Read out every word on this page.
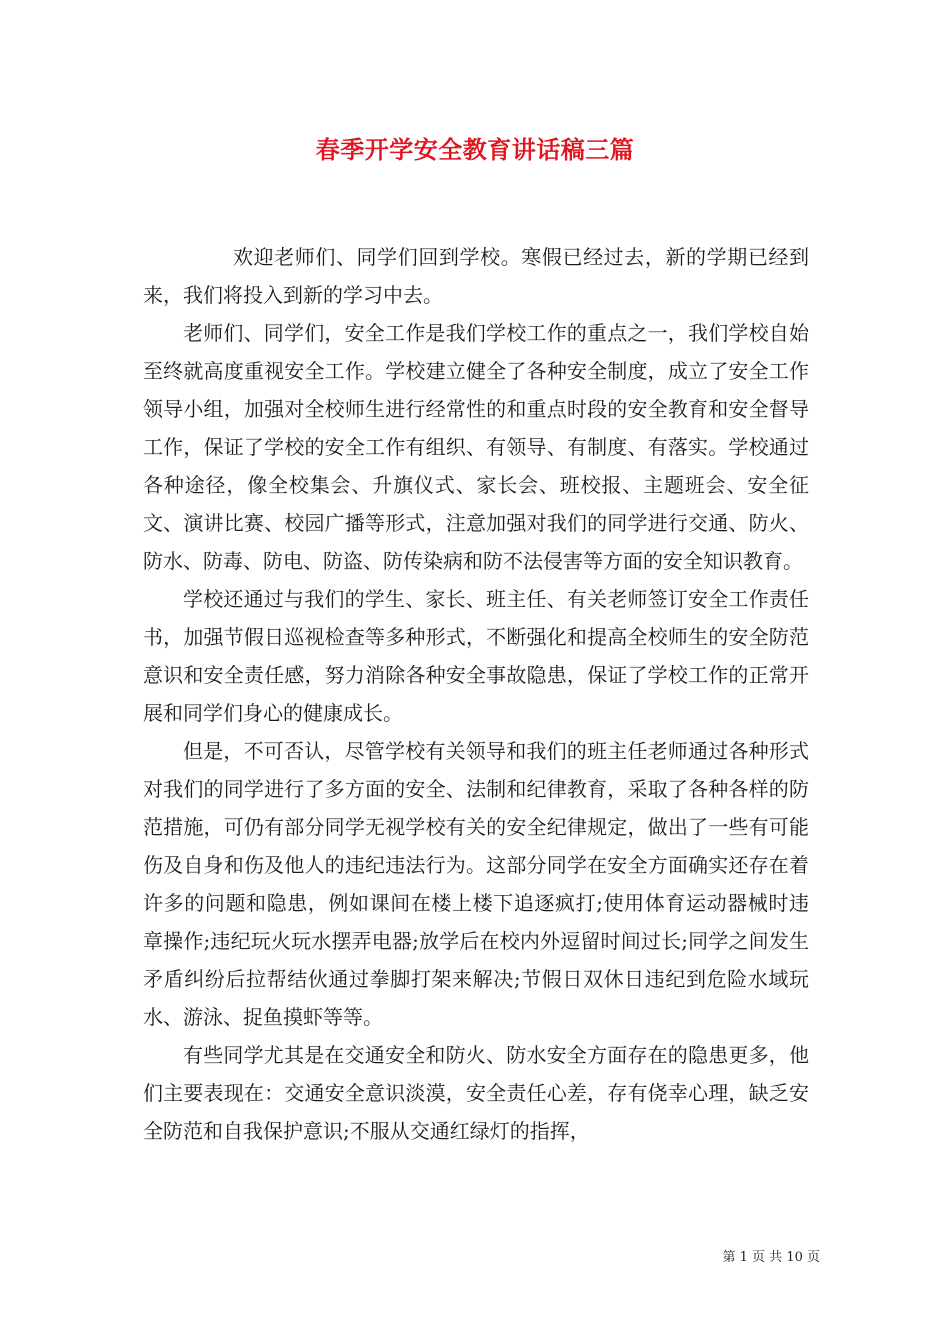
春季开学安全教育讲话稿三篇

欢迎老师们、同学们回到学校。寒假已经过去，新的学期已经到来，我们将投入到新的学习中去。

老师们、同学们，安全工作是我们学校工作的重点之一，我们学校自始至终就高度重视安全工作。学校建立健全了各种安全制度，成立了安全工作领导小组，加强对全校师生进行经常性的和重点时段的安全教育和安全督导工作，保证了学校的安全工作有组织、有领导、有制度、有落实。学校通过各种途径，像全校集会、升旗仪式、家长会、班校报、主题班会、安全征文、演讲比赛、校园广播等形式，注意加强对我们的同学进行交通、防火、防水、防毒、防电、防盗、防传染病和防不法侵害等方面的安全知识教育。

学校还通过与我们的学生、家长、班主任、有关老师签订安全工作责任书，加强节假日巡视检查等多种形式，不断强化和提高全校师生的安全防范意识和安全责任感，努力消除各种安全事故隐患，保证了学校工作的正常开展和同学们身心的健康成长。

但是，不可否认，尽管学校有关领导和我们的班主任老师通过各种形式对我们的同学进行了多方面的安全、法制和纪律教育，采取了各种各样的防范措施，可仍有部分同学无视学校有关的安全纪律规定，做出了一些有可能伤及自身和伤及他人的违纪违法行为。这部分同学在安全方面确实还存在着许多的问题和隐患，例如课间在楼上楼下追逐疯打;使用体育运动器械时违章操作;违纪玩火玩水摆弄电器;放学后在校内外逗留时间过长;同学之间发生矛盾纠纷后拉帮结伙通过拳脚打架来解决;节假日双休日违纪到危险水域玩水、游泳、捉鱼摸虾等等。

有些同学尤其是在交通安全和防火、防水安全方面存在的隐患更多，他们主要表现在：交通安全意识淡漠，安全责任心差，存有侥幸心理，缺乏安全防范和自我保护意识;不服从交通红绿灯的指挥，

第 1 页 共 10 页
